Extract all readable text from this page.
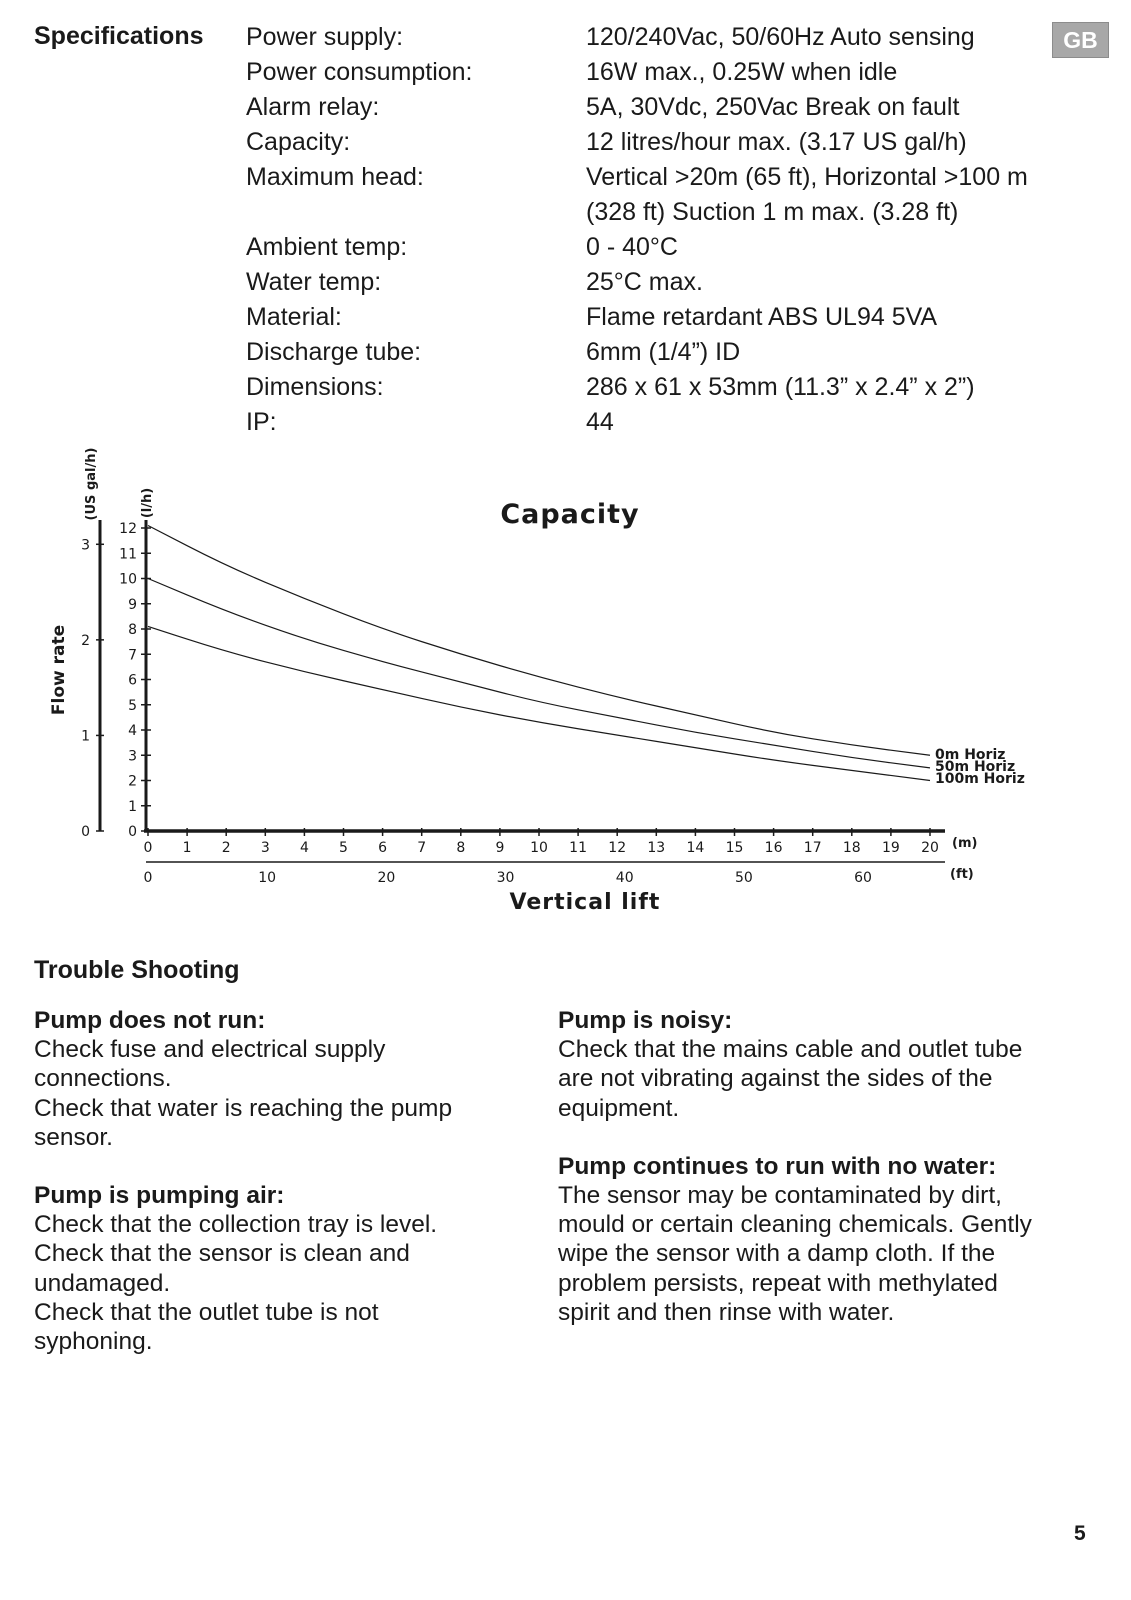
Specifications	GB
Power supply:	120/240Vac, 50/60Hz Auto sensing
Power consumption:	16W max., 0.25W when idle
Alarm relay:	5A, 30Vdc, 250Vac Break on fault
Capacity:	12 litres/hour max. (3.17 US gal/h)
Maximum head:	Vertical >20m (65 ft), Horizontal >100 m
(328 ft) Suction 1 m max. (3.28 ft)
Ambient temp:	0 - 40°C
Water temp:	25°C max.
Material:	Flame retardant ABS UL94 5VA
Discharge tube:	6mm (1/4”) ID
Dimensions:	286 x 61 x 53mm (11.3” x 2.4” x 2”)
IP:	44
Capacity
0
1
2
3
4
5
6
7
8
9
10
11
12
0
1
2
3
(l/h)
(US gal/h)
Flow rate
0 1 2 3 4 5 6 7 8 9 10 11 12 13 14 15 16 17 18 19 20 (m)
0	10	20	30	40	50	60	(ft)
Vertical lift
0m Horiz
50m Horiz
100m Horiz
Trouble Shooting
Pump does not run:
Check fuse and electrical supply
connections.
Check that water is reaching the pump
sensor.
Pump is pumping air:
Check that the collection tray is level.
Check that the sensor is clean and
undamaged.
Check that the outlet tube is not
syphoning.
Pump is noisy:
Check that the mains cable and outlet tube
are not vibrating against the sides of the
equipment.
Pump continues to run with no water:
The sensor may be contaminated by dirt,
mould or certain cleaning chemicals. Gently
wipe the sensor with a damp cloth. If the
problem persists, repeat with methylated
spirit and then rinse with water.
5
